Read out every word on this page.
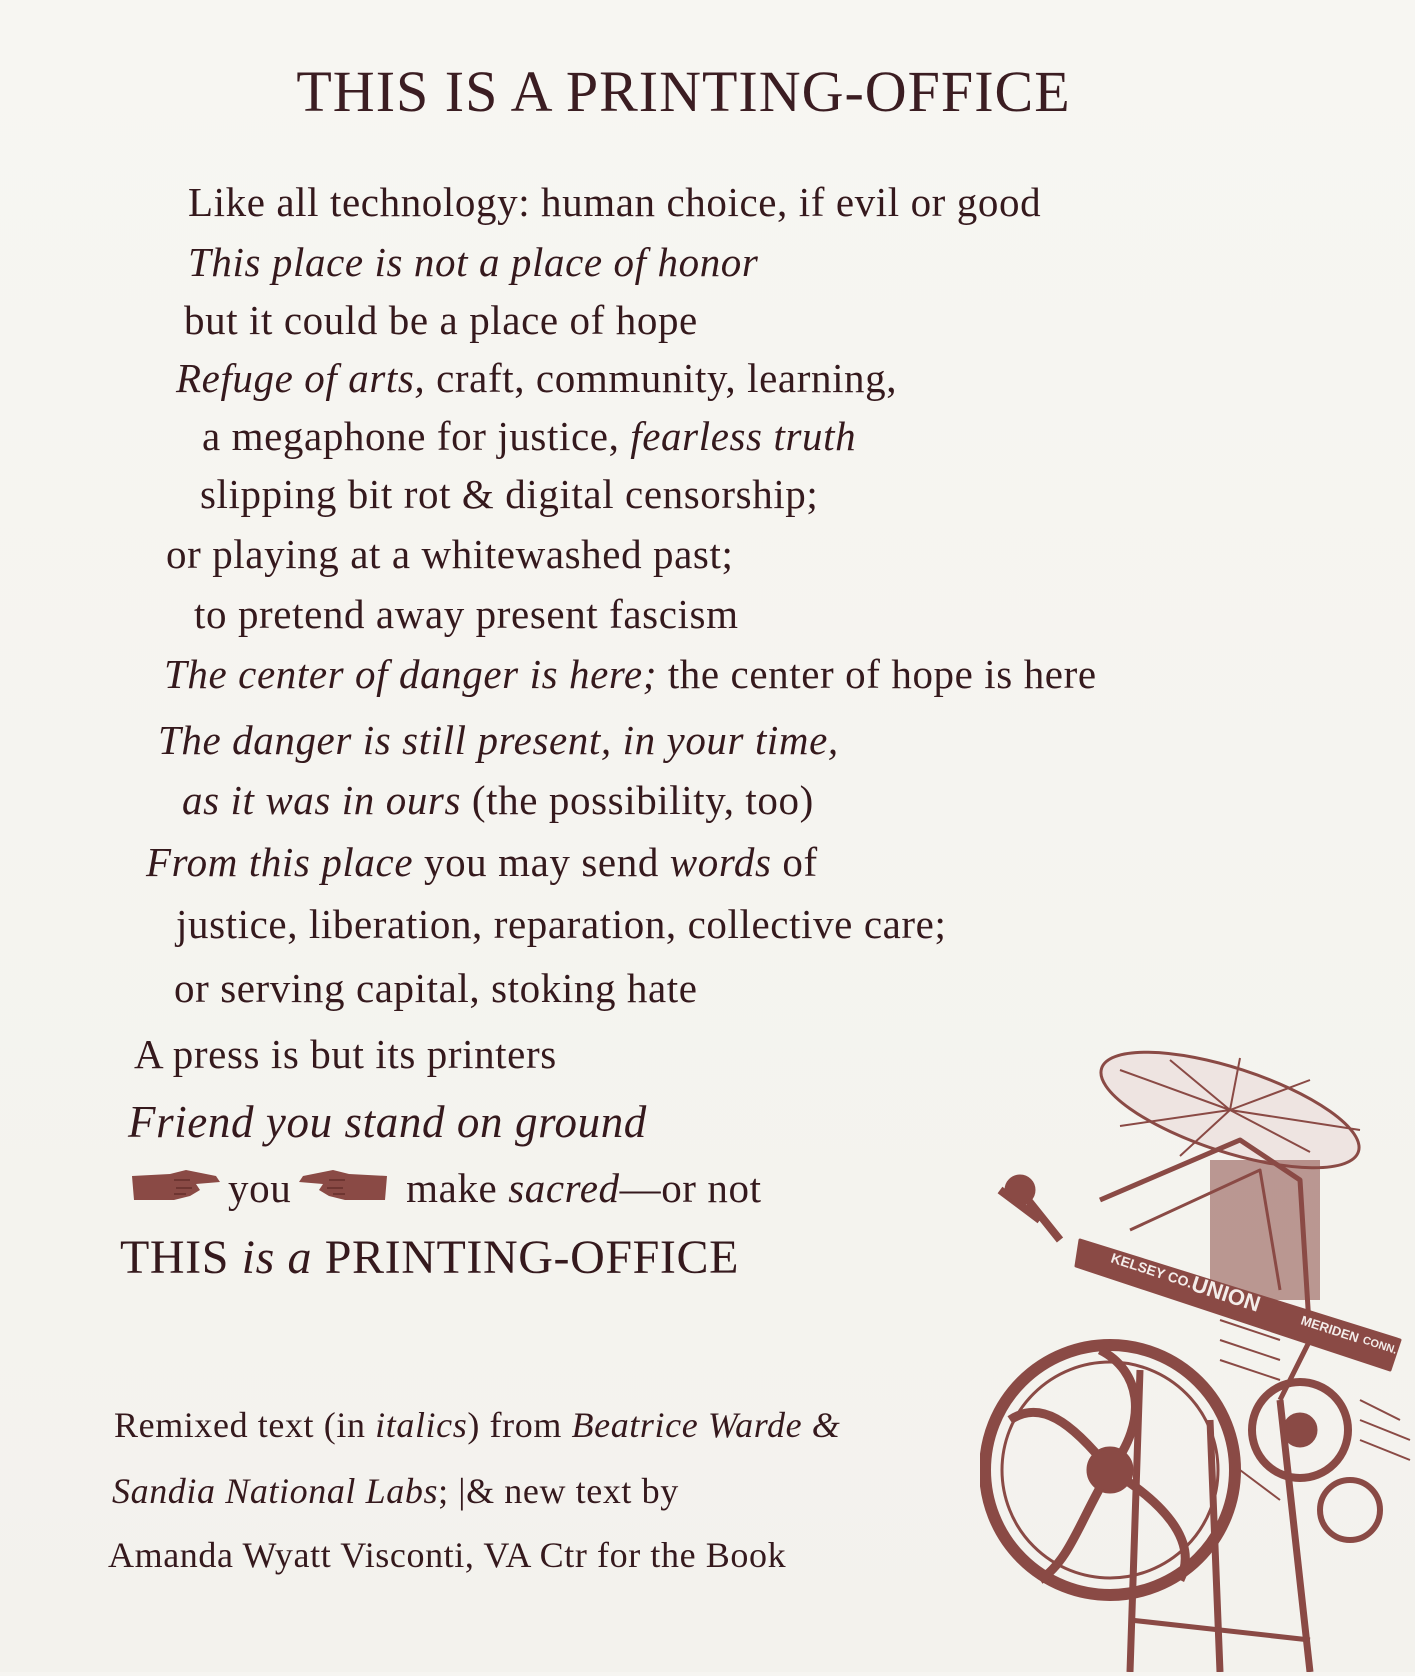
THIS IS A PRINTING-OFFICE
Like all technology: human choice, if evil or good
This place is not a place of honor
but it could be a place of hope
Refuge of arts, craft, community, learning,
a megaphone for justice, fearless truth
slipping bit rot & digital censorship;
or playing at a whitewashed past;
to pretend away present fascism
The center of danger is here; the center of hope is here
The danger is still present, in your time,
as it was in ours (the possibility, too)
From this place you may send words of
justice, liberation, reparation, collective care;
or serving capital, stoking hate
A press is but its printers
Friend you stand on ground
you	make sacred—or not
THIS is a PRINTING-OFFICE
Remixed text (in italics) from Beatrice Warde &
Sandia National Labs; |& new text by
Amanda Wyatt Visconti, VA Ctr for the Book
KELSEY CO.
UNION
MERIDEN
CONN.
